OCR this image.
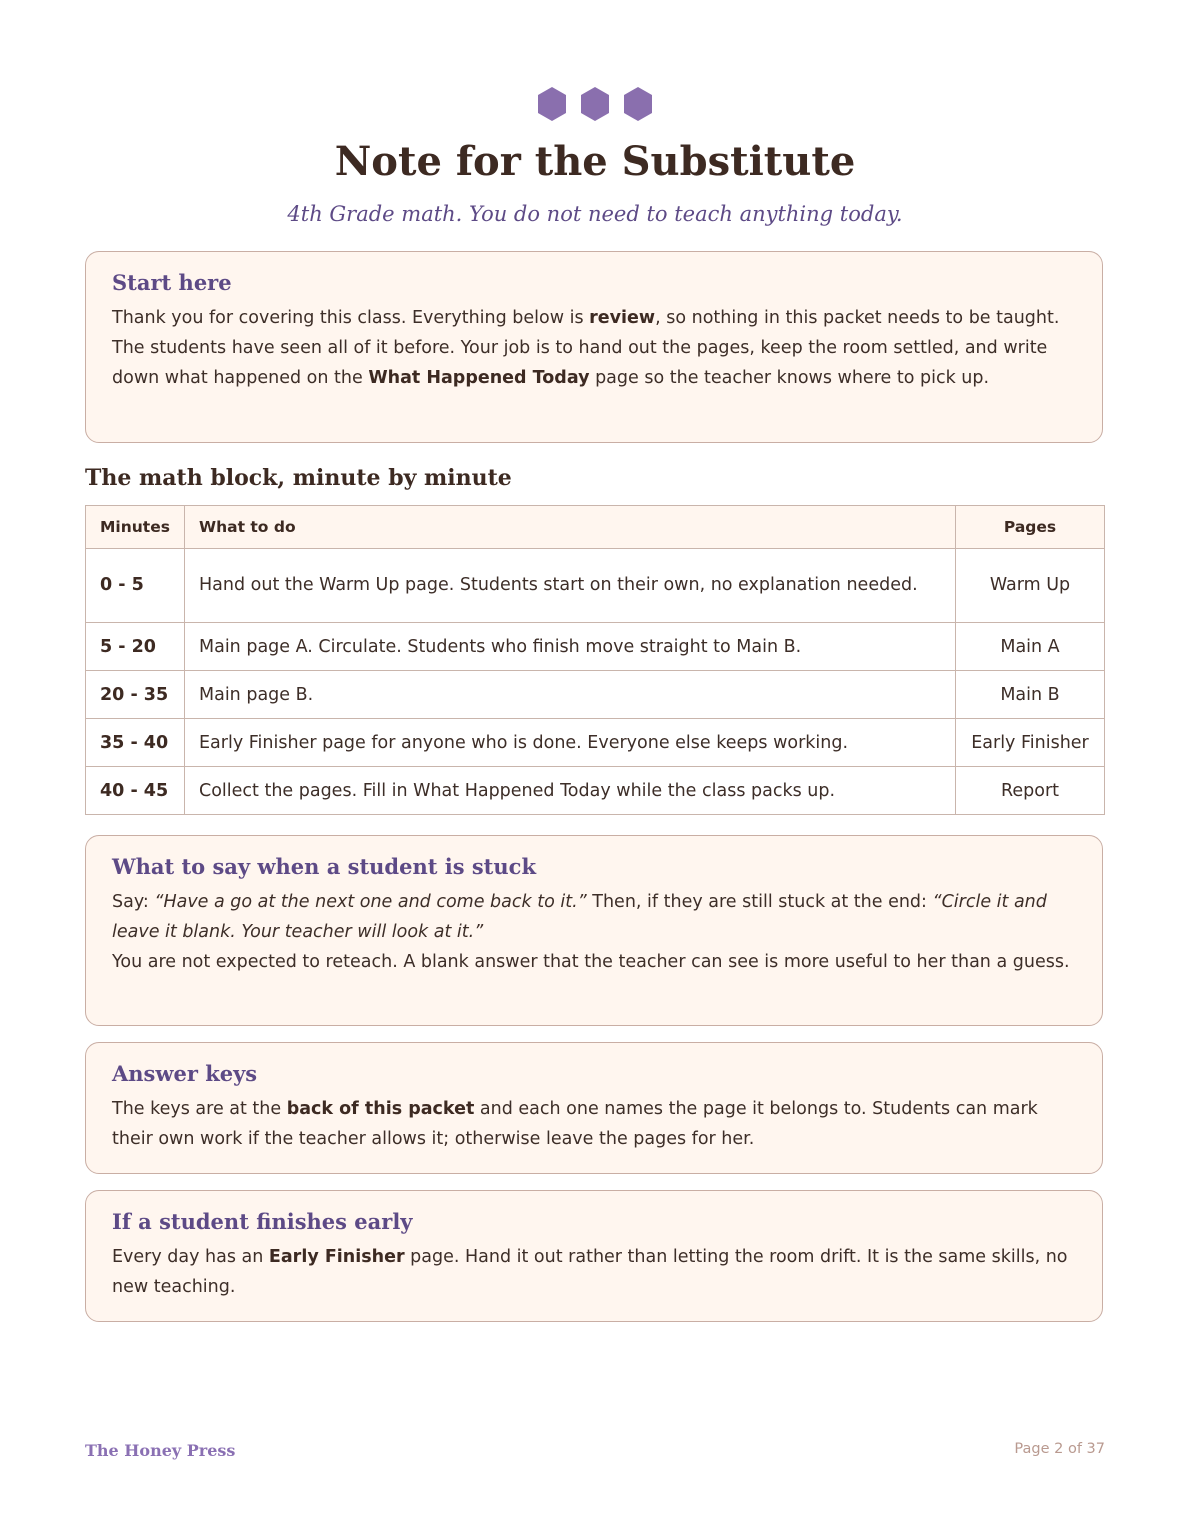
Note for the Substitute

4th Grade math. You do not need to teach anything today.

Start here

Thank you for covering this class. Everything below is review, so nothing in this packet needs to be taught. The students have seen all of it before. Your job is to hand out the pages, keep the room settled, and write down what happened on the What Happened Today page so the teacher knows where to pick up.

The math block, minute by minute
Minutes	What to do	Pages
0 - 5	Hand out the Warm Up page. Students start on their own, no explanation needed.	Warm Up
5 - 20	Main page A. Circulate. Students who finish move straight to Main B.	Main A
20 - 35	Main page B.	Main B
35 - 40	Early Finisher page for anyone who is done. Everyone else keeps working.	Early Finisher
40 - 45	Collect the pages. Fill in What Happened Today while the class packs up.	Report
What to say when a student is stuck

Say: “Have a go at the next one and come back to it.” Then, if they are still stuck at the end: “Circle it and leave it blank. Your teacher will look at it.”

You are not expected to reteach. A blank answer that the teacher can see is more useful to her than a guess.

Answer keys

The keys are at the back of this packet and each one names the page it belongs to. Students can mark their own work if the teacher allows it; otherwise leave the pages for her.

If a student finishes early

Every day has an Early Finisher page. Hand it out rather than letting the room drift. It is the same skills, no new teaching.

The Honey Press	Page 2 of 37
